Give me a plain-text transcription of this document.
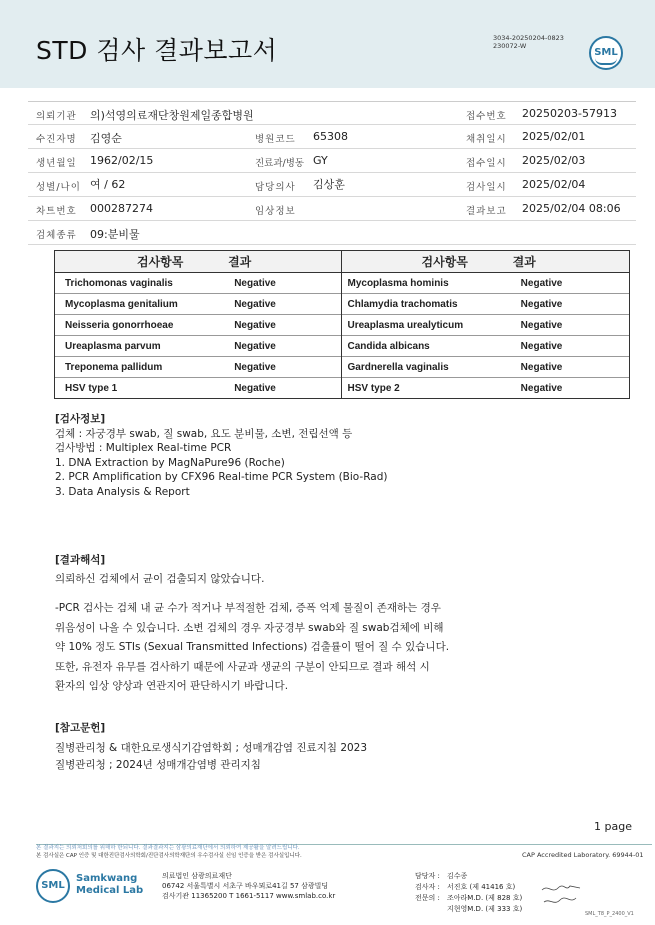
STD 검사 결과보고서	3034-20250204-0823
230072-W
SML
의뢰기관 의)석영의료재단창원제일종합병원	접수번호 20250203-57913
수진자명 김영순	병원코드 65308	채취일시 2025/02/01
생년월일 1962/02/15	진료과/병동 GY	접수일시 2025/02/03
성별/나이 여 / 62	담당의사 김상훈	검사일시 2025/02/04
차트번호 000287274	임상정보	결과보고 2025/02/04 08:06
검체종류 09:분비물
검사항목 결과		검사항목 결과	
Trichomonas vaginalis	Negative	Mycoplasma hominis	Negative
Mycoplasma genitalium	Negative	Chlamydia trachomatis	Negative
Neisseria gonorrhoeae	Negative	Ureaplasma urealyticum	Negative
Ureaplasma parvum	Negative	Candida albicans	Negative
Treponema pallidum	Negative	Gardnerella vaginalis	Negative
HSV type 1	Negative	HSV type 2	Negative
[검사정보]
검체 : 자궁경부 swab, 질 swab, 요도 분비물, 소변, 전립선액 등
검사방법 : Multiplex Real-time PCR
1. DNA Extraction by MagNaPure96 (Roche)
2. PCR Amplification by CFX96 Real-time PCR System (Bio-Rad)
3. Data Analysis & Report
[결과해석]
의뢰하신 검체에서 균이 검출되지 않았습니다.
-PCR 검사는 검체 내 균 수가 적거나 부적절한 검체, 증폭 억제 물질이 존재하는 경우
위음성이 나올 수 있습니다. 소변 검체의 경우 자궁경부 swab와 질 swab검체에 비해
약 10% 정도 STIs (Sexual Transmitted Infections) 검출률이 떨어 질 수 있습니다.
또한, 유전자 유무를 검사하기 때문에 사균과 생균의 구분이 안되므로 결과 해석 시
환자의 임상 양상과 연관지어 판단하시기 바랍니다.
[참고문헌]
질병관리청 & 대한요로생식기감염학회 ; 성매개감염 진료지침 2023
질병관리청 ; 2024년 성매개감염병 관리지침
1 page
본 결과지는 의뢰처회의를 위해하 한되니다. 결과결과지는 삼광의료재단에서 의뢰하여 제공활을 알려드립니다.
본 검사실은 CAP 인증 및 대한진단검사의학회/진단검사의학재단의 우수검사실 신임 인증을 받은 검사실입니다.	CAP Accredited Laboratory. 69944-01
SML
Samkwang
Medical Lab
의료법인 삼광의료재단
06742 서울특별시 서초구 바우뫼로41길 57 삼광빌딩
검사기관 11365200 T 1661-5117 www.smlab.co.kr
담당자 : 김수종
검사자 : 서진호 (제 41416 호)
전문의 : 조아라M.D. (제 828 호)
지현영M.D. (제 333 호)
SML_T8_P_2400_V1
